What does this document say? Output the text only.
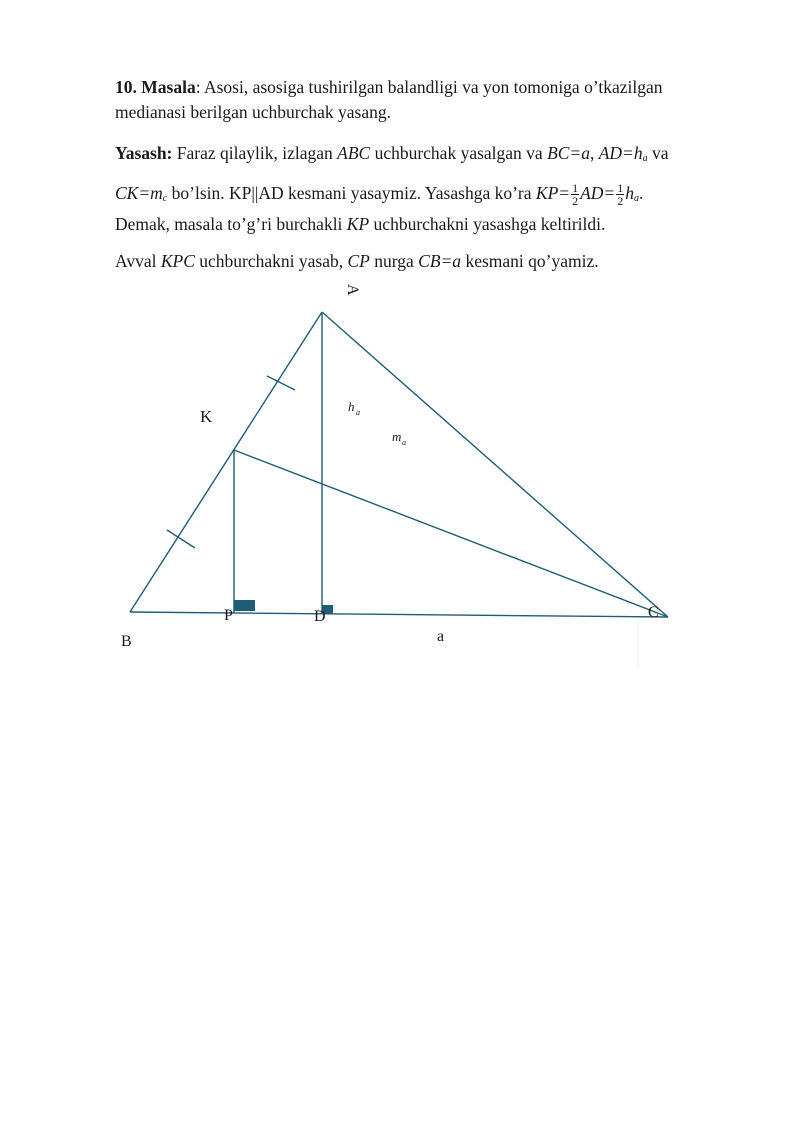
10. Masala: Asosi, asosiga tushirilgan balandligi va yon tomoniga o’tkazilgan medianasi berilgan uchburchak yasang.

Yasash: Faraz qilaylik, izlagan ABC uchburchak yasalgan va BC=a, $AD=h_a$ va
$CK=m_c$ bo’lsin. KP||AD kesmani yasaymiz. Yasashga ko’ra $KP= \frac{1}{2} AD= \frac{1}{2} h_a$.

Demak, masala to’g’ri burchakli KP uchburchakni yasashga keltirildi.

Avval KPC uchburchakni yasab, CP nurga CB=a kesmani qo’yamiz.

A
K
h a
m a
P	D	C
B	a
